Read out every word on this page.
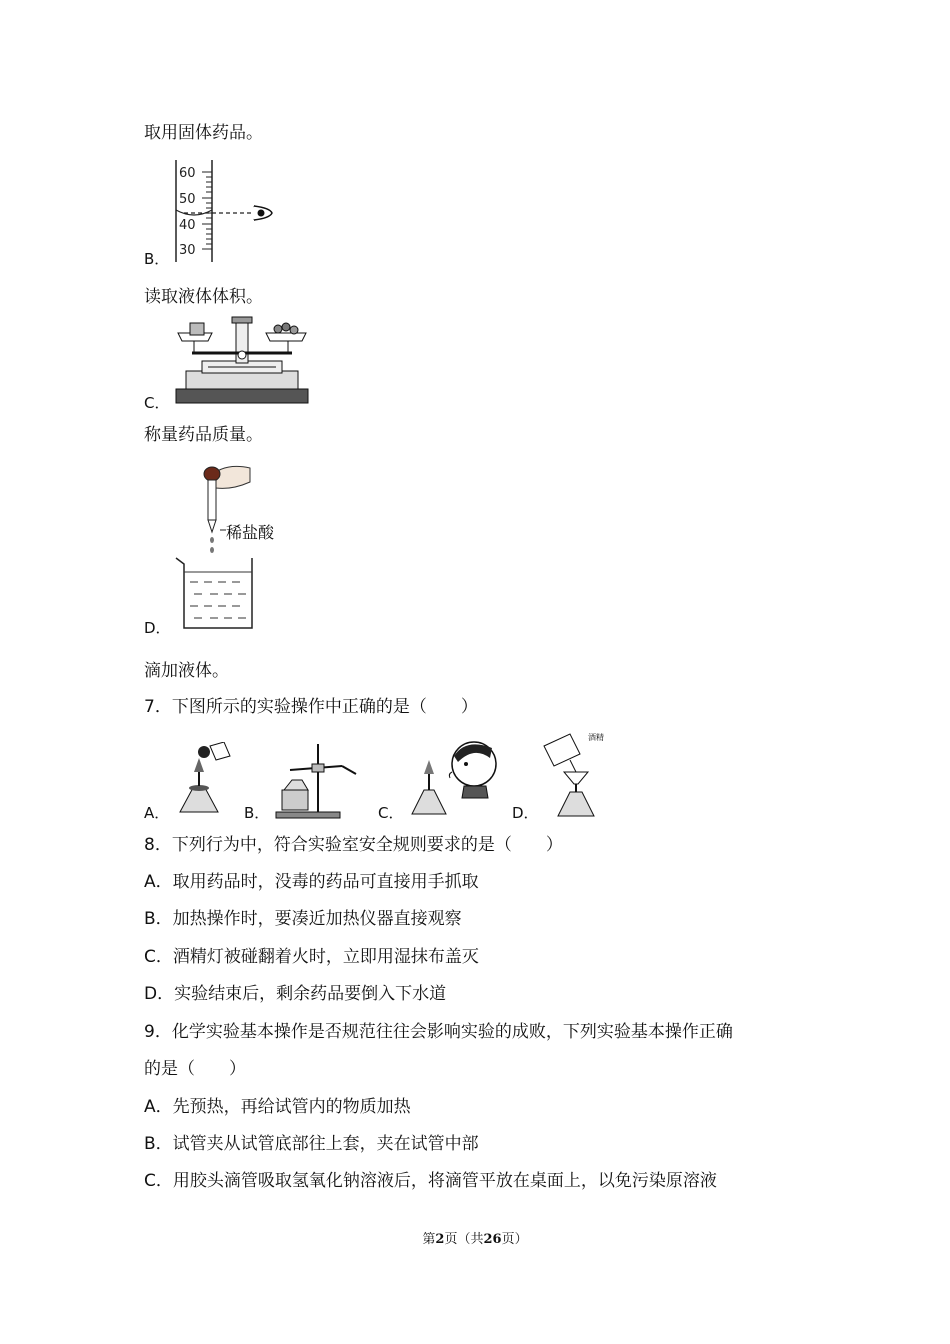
取用固体药品。
B．
60
50
40
30
读取液体体积。
C．
称量药品质量。
D．
稀盐酸
滴加液体。
7．下图所示的实验操作中正确的是（　　）
A．	B．	C．	D．
酒精
8．下列行为中，符合实验室安全规则要求的是（　　）
A．取用药品时，没毒的药品可直接用手抓取
B．加热操作时，要凑近加热仪器直接观察
C．酒精灯被碰翻着火时，立即用湿抹布盖灭
D．实验结束后，剩余药品要倒入下水道
9．化学实验基本操作是否规范往往会影响实验的成败，下列实验基本操作正确
的是（　　）
A．先预热，再给试管内的物质加热
B．试管夹从试管底部往上套，夹在试管中部
C．用胶头滴管吸取氢氧化钠溶液后，将滴管平放在桌面上，以免污染原溶液
第2页（共26页）
